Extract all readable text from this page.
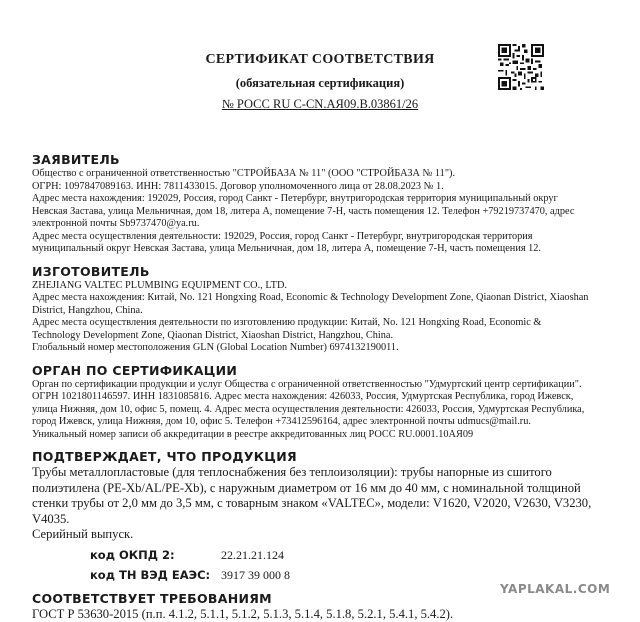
СЕРТИФИКАТ СООТВЕТСТВИЯ
(обязательная сертификация)
№ РОСС RU С-CN.АЯ09.В.03861/26
ЗАЯВИТЕЛЬ
Общество с ограниченной ответственностью "СТРОЙБАЗА № 11" (ООО "СТРОЙБАЗА № 11").
ОГРН: 1097847089163. ИНН: 7811433015. Договор уполномоченного лица от 28.08.2023 № 1.
Адрес места нахождения: 192029, Россия, город Санкт - Петербург, внутригородская территория муниципальный округ
Невская Застава, улица Мельничная, дом 18, литера А, помещение 7-Н, часть помещения 12. Телефон +79219737470, адрес
электронной почты Sb9737470@ya.ru.
Адрес места осуществления деятельности: 192029, Россия, город Санкт - Петербург, внутригородская территория
муниципальный округ Невская Застава, улица Мельничная, дом 18, литера А, помещение 7-Н, часть помещения 12.
ИЗГОТОВИТЕЛЬ
ZHEJIANG VALTEC PLUMBING EQUIPMENT CO., LTD.
Адрес места нахождения: Китай, No. 121 Hongxing Road, Economic & Technology Development Zone, Qiaonan District, Xiaoshan
District, Hangzhou, China.
Адрес места осуществления деятельности по изготовлению продукции: Китай, No. 121 Hongxing Road, Economic &
Technology Development Zone, Qiaonan District, Xiaoshan District, Hangzhou, China.
Глобальный номер местоположения GLN (Global Location Number) 6974132190011.
ОРГАН ПО СЕРТИФИКАЦИИ
Орган по сертификации продукции и услуг Общества с ограниченной ответственностью "Удмуртский центр сертификации".
ОГРН 1021801146597. ИНН 1831085816. Адрес места нахождения: 426033, Россия, Удмуртская Республика, город Ижевск,
улица Нижняя, дом 10, офис 5, помещ. 4. Адрес места осуществления деятельности: 426033, Россия, Удмуртская Республика,
город Ижевск, улица Нижняя, дом 10, офис 5. Телефон +73412596164, адрес электронной почты udmucs@mail.ru.
Уникальный номер записи об аккредитации в реестре аккредитованных лиц РОСС RU.0001.10АЯ09
ПОДТВЕРЖДАЕТ, ЧТО ПРОДУКЦИЯ
Трубы металлопластовые (для теплоснабжения без теплоизоляции): трубы напорные из сшитого
полиэтилена (PE-Xb/AL/PE-Xb), с наружным диаметром от 16 мм до 40 мм, с номинальной толщиной
стенки трубы от 2,0 мм до 3,5 мм, с товарным знаком «VALTEC», модели: V1620, V2020, V2630, V3230,
V4035.
Серийный выпуск.
код ОКПД 2:	22.21.21.124
код ТН ВЭД ЕАЭС: 3917 39 000 8
СООТВЕТСТВУЕТ ТРЕБОВАНИЯМ
ГОСТ Р 53630-2015 (п.п. 4.1.2, 5.1.1, 5.1.2, 5.1.3, 5.1.4, 5.1.8, 5.2.1, 5.4.1, 5.4.2).
YAPLAKAL.COM
